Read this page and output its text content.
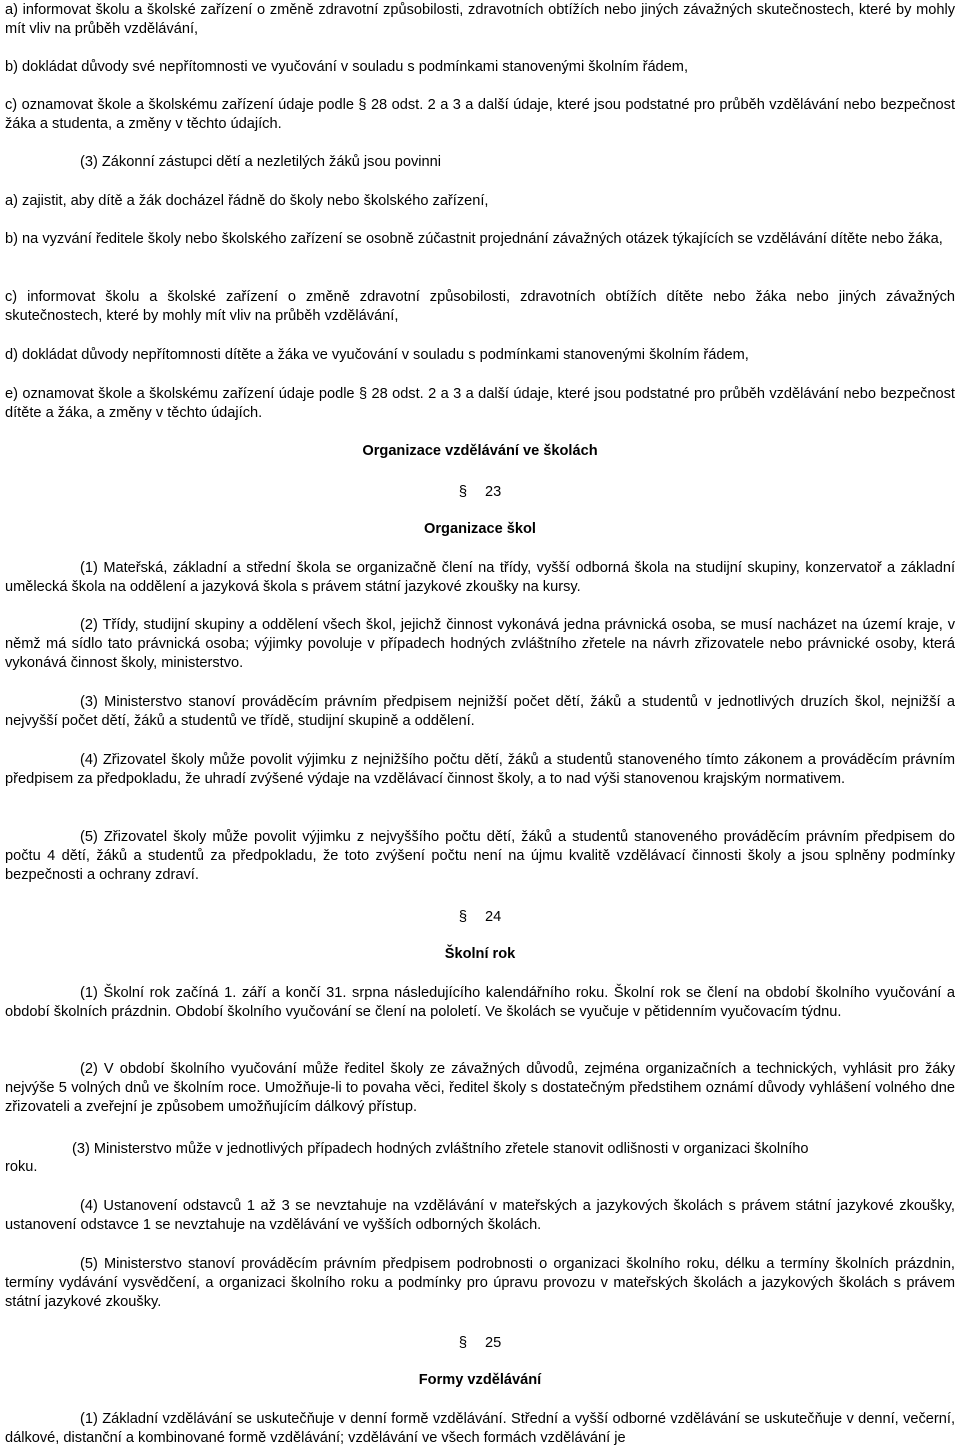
a) informovat školu a školské zařízení o změně zdravotní způsobilosti, zdravotních obtížích nebo jiných závažných skutečnostech, které by mohly mít vliv na průběh vzdělávání,

b) dokládat důvody své nepřítomnosti ve vyučování v souladu s podmínkami stanovenými školním řádem,

c) oznamovat škole a školskému zařízení údaje podle § 28 odst. 2 a 3 a další údaje, které jsou podstatné pro průběh vzdělávání nebo bezpečnost žáka a studenta, a změny v těchto údajích.

(3) Zákonní zástupci dětí a nezletilých žáků jsou povinni

a) zajistit, aby dítě a žák docházel řádně do školy nebo školského zařízení,

b) na vyzvání ředitele školy nebo školského zařízení se osobně zúčastnit projednání závažných otázek týkajících se vzdělávání dítěte nebo žáka,

c) informovat školu a školské zařízení o změně zdravotní způsobilosti, zdravotních obtížích dítěte nebo žáka nebo jiných závažných skutečnostech, které by mohly mít vliv na průběh vzdělávání,

d) dokládat důvody nepřítomnosti dítěte a žáka ve vyučování v souladu s podmínkami stanovenými školním řádem,

e) oznamovat škole a školskému zařízení údaje podle § 28 odst. 2 a 3 a další údaje, které jsou podstatné pro průběh vzdělávání nebo bezpečnost dítěte a žáka, a změny v těchto údajích.

Organizace vzdělávání ve školách

§ 23

Organizace škol

(1) Mateřská, základní a střední škola se organizačně člení na třídy, vyšší odborná škola na studijní skupiny, konzervatoř a základní umělecká škola na oddělení a jazyková škola s právem státní jazykové zkoušky na kursy.

(2) Třídy, studijní skupiny a oddělení všech škol, jejichž činnost vykonává jedna právnická osoba, se musí nacházet na území kraje, v němž má sídlo tato právnická osoba; výjimky povoluje v případech hodných zvláštního zřetele na návrh zřizovatele nebo právnické osoby, která vykonává činnost školy, ministerstvo.

(3) Ministerstvo stanoví prováděcím právním předpisem nejnižší počet dětí, žáků a studentů v jednotlivých druzích škol, nejnižší a nejvyšší počet dětí, žáků a studentů ve třídě, studijní skupině a oddělení.

(4) Zřizovatel školy může povolit výjimku z nejnižšího počtu dětí, žáků a studentů stanoveného tímto zákonem a prováděcím právním předpisem za předpokladu, že uhradí zvýšené výdaje na vzdělávací činnost školy, a to nad výši stanovenou krajským normativem.

(5) Zřizovatel školy může povolit výjimku z nejvyššího počtu dětí, žáků a studentů stanoveného prováděcím právním předpisem do počtu 4 dětí, žáků a studentů za předpokladu, že toto zvýšení počtu není na újmu kvalitě vzdělávací činnosti školy a jsou splněny podmínky bezpečnosti a ochrany zdraví.

§ 24

Školní rok

(1) Školní rok začíná 1. září a končí 31. srpna následujícího kalendářního roku. Školní rok se člení na období školního vyučování a období školních prázdnin. Období školního vyučování se člení na pololetí. Ve školách se vyučuje v pětidenním vyučovacím týdnu.

(2) V období školního vyučování může ředitel školy ze závažných důvodů, zejména organizačních a technických, vyhlásit pro žáky nejvýše 5 volných dnů ve školním roce. Umožňuje-li to povaha věci, ředitel školy s dostatečným předstihem oznámí důvody vyhlášení volného dne zřizovateli a zveřejní je způsobem umožňujícím dálkový přístup.

(3) Ministerstvo může v jednotlivých případech hodných zvláštního zřetele stanovit odlišnosti v organizaci školního

roku.

(4) Ustanovení odstavců 1 až 3 se nevztahuje na vzdělávání v mateřských a jazykových školách s právem státní jazykové zkoušky, ustanovení odstavce 1 se nevztahuje na vzdělávání ve vyšších odborných školách.

(5) Ministerstvo stanoví prováděcím právním předpisem podrobnosti o organizaci školního roku, délku a termíny školních prázdnin, termíny vydávání vysvědčení, a organizaci školního roku a podmínky pro úpravu provozu v mateřských školách a jazykových školách s právem státní jazykové zkoušky.

§ 25

Formy vzdělávání

(1) Základní vzdělávání se uskutečňuje v denní formě vzdělávání. Střední a vyšší odborné vzdělávání se uskutečňuje v denní, večerní, dálkové, distanční a kombinované formě vzdělávání; vzdělávání ve všech formách vzdělávání je
